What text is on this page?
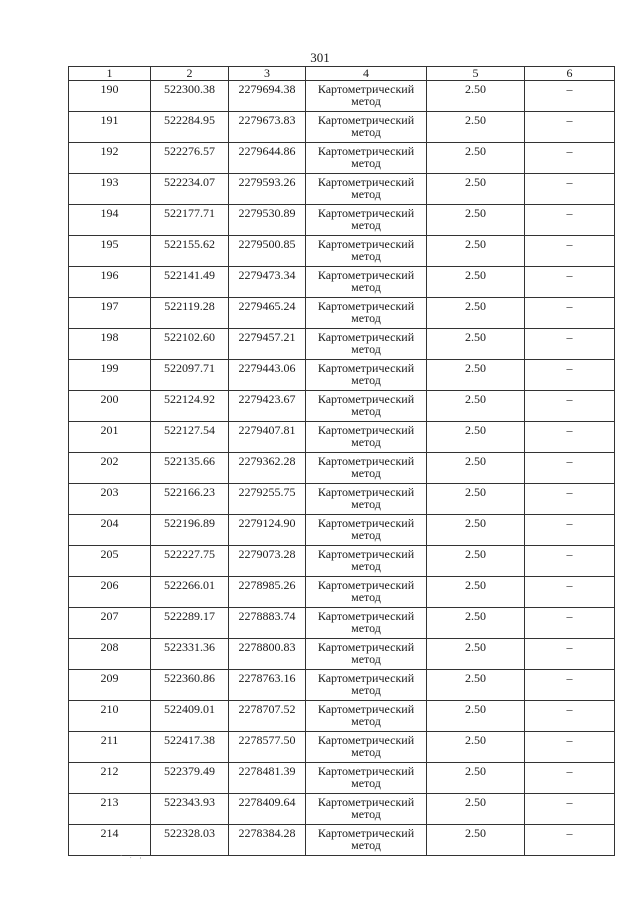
301
1	2	3	4	5	6
190	522300.38	2279694.38	Картометрический метод	2.50	–
191	522284.95	2279673.83	Картометрический метод	2.50	–
192	522276.57	2279644.86	Картометрический метод	2.50	–
193	522234.07	2279593.26	Картометрический метод	2.50	–
194	522177.71	2279530.89	Картометрический метод	2.50	–
195	522155.62	2279500.85	Картометрический метод	2.50	–
196	522141.49	2279473.34	Картометрический метод	2.50	–
197	522119.28	2279465.24	Картометрический метод	2.50	–
198	522102.60	2279457.21	Картометрический метод	2.50	–
199	522097.71	2279443.06	Картометрический метод	2.50	–
200	522124.92	2279423.67	Картометрический метод	2.50	–
201	522127.54	2279407.81	Картометрический метод	2.50	–
202	522135.66	2279362.28	Картометрический метод	2.50	–
203	522166.23	2279255.75	Картометрический метод	2.50	–
204	522196.89	2279124.90	Картометрический метод	2.50	–
205	522227.75	2279073.28	Картометрический метод	2.50	–
206	522266.01	2278985.26	Картометрический метод	2.50	–
207	522289.17	2278883.74	Картометрический метод	2.50	–
208	522331.36	2278800.83	Картометрический метод	2.50	–
209	522360.86	2278763.16	Картометрический метод	2.50	–
210	522409.01	2278707.52	Картометрический метод	2.50	–
211	522417.38	2278577.50	Картометрический метод	2.50	–
212	522379.49	2278481.39	Картометрический метод	2.50	–
213	522343.93	2278409.64	Картометрический метод	2.50	–
214	522328.03	2278384.28	Картометрический метод	2.50	–
·  .  ,
